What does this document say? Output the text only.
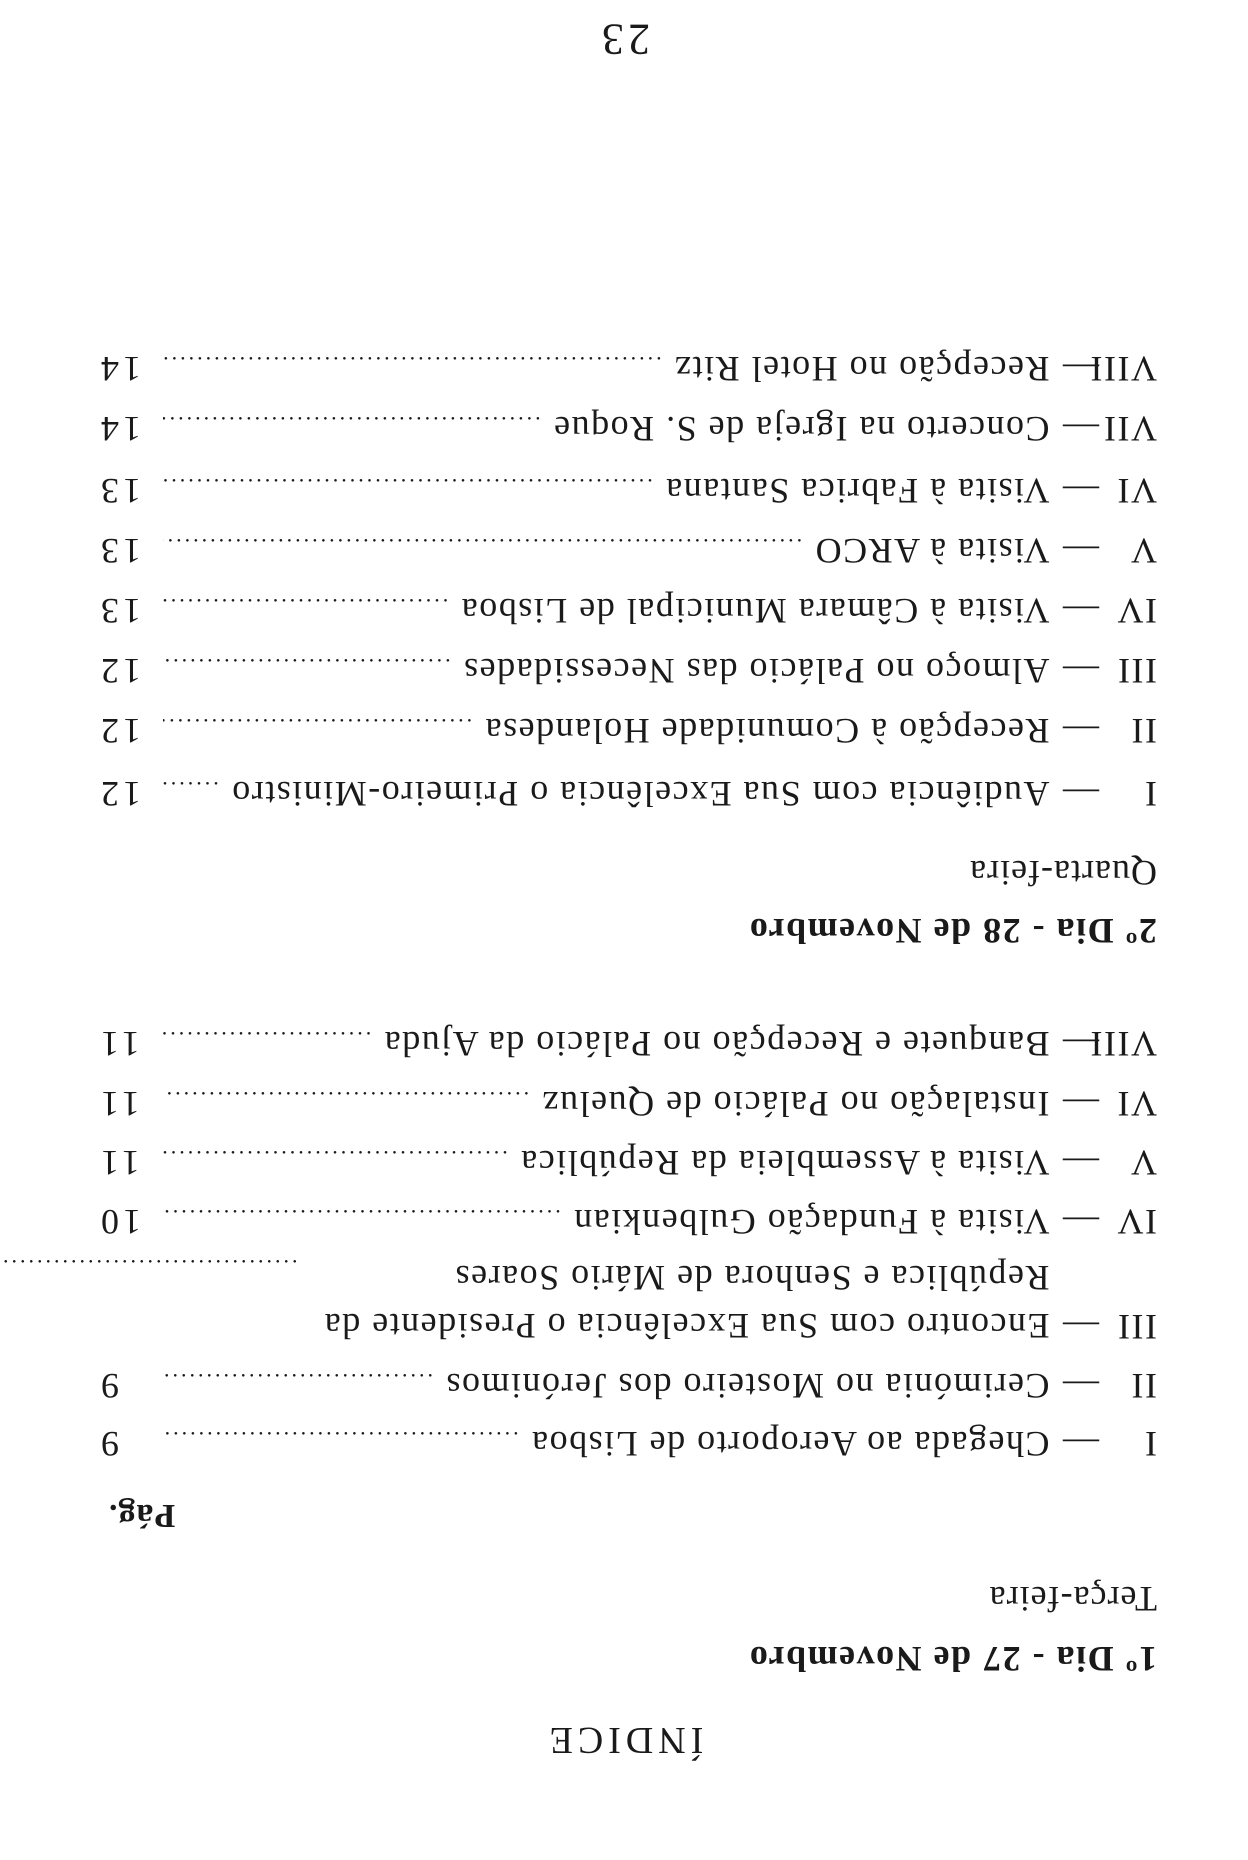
ÍNDICE
1º Dia - 27 de Novembro
Terça-feira
Pág.
I
—
Chegada ao Aeroporto de Lisboa
.....
9
II
—
Cerimónia no Mosteiro dos Jerónimos
.....
9
III
—
Encontro com Sua Excelência o Presidente da República e Senhora de Mário Soares
.....
IV
—
Visita à Fundação Gulbenkian
.....
10
V
—
Visita à Assembleia da República
.....
11
VI
—
Instalação no Palácio de Queluz
.....
11
VIII
—
Banquete e Recepção no Palácio da Ajuda
.....
11
2º Dia - 28 de Novembro
Quarta-feira
I
—
Audiência com Sua Excelência o Primeiro-Ministro
.....
12
II
—
Recepção à Comunidade Holandesa
.....
12
III
—
Almoço no Palácio das Necessidades
.....
12
IV
—
Visita à Câmara Municipal de Lisboa
.....
13
V
—
Visita à ARCO
.....
13
VI
—
Visita à Fabrica Santana
.....
13
VII
—
Concerto na Igreja de S. Roque
.....
14
VIII
—
Recepção no Hotel Ritz
.....
14
23
